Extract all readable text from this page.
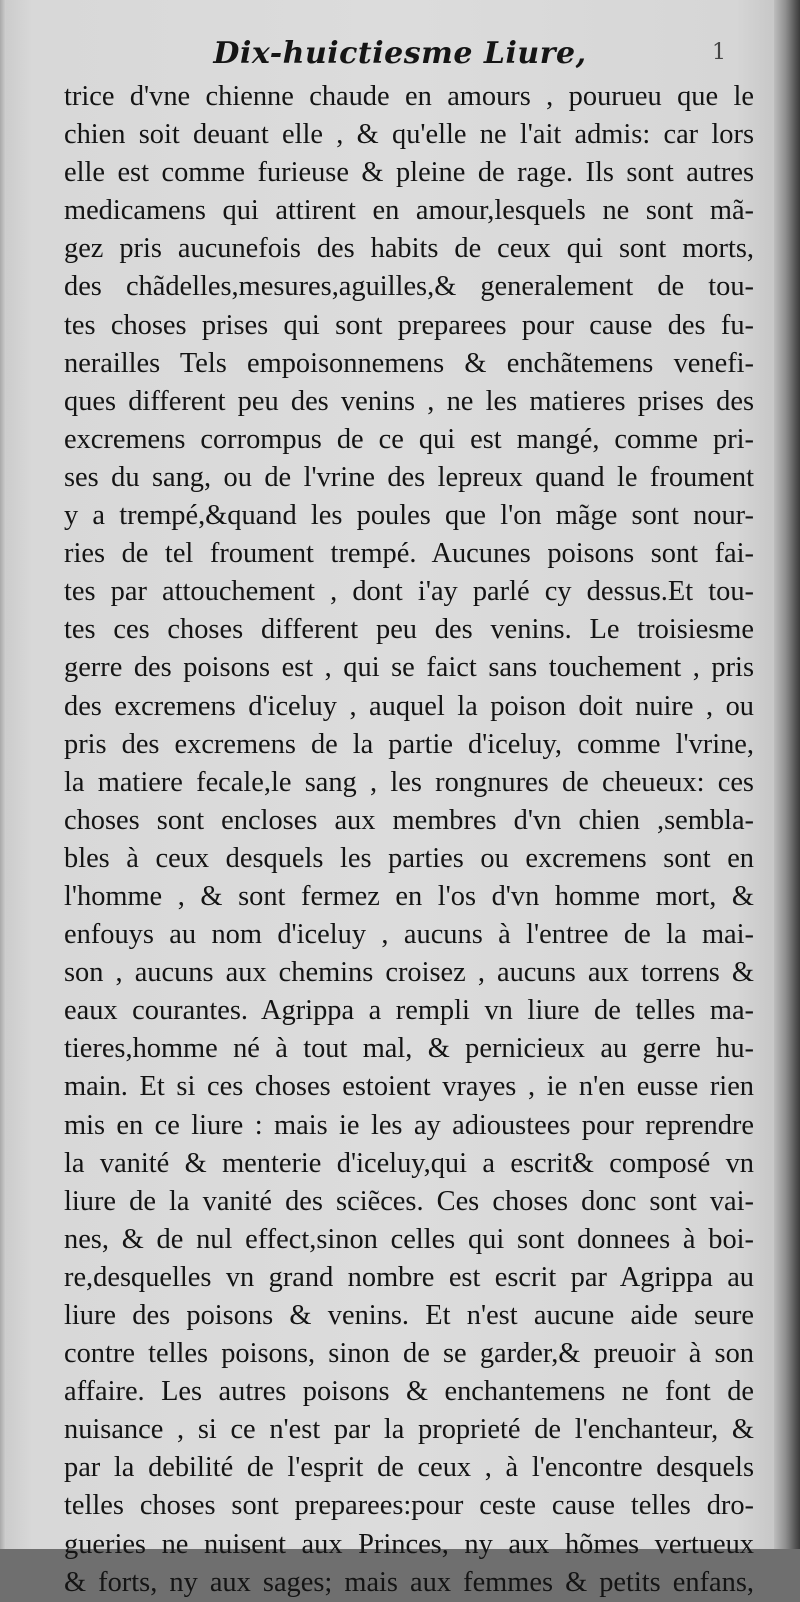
Dix-huictiesme Liure,	1
trice d'vne chienne chaude en amours , pourueu que le
chien soit deuant elle , & qu'elle ne l'ait admis: car lors
elle est comme furieuse & pleine de rage. Ils sont autres
medicamens qui attirent en amour,lesquels ne sont mã-
gez pris aucunefois des habits de ceux qui sont morts,
des chãdelles,mesures,aguilles,& generalement de tou-
tes choses prises qui sont preparees pour cause des fu-
nerailles Tels empoisonnemens & enchãtemens venefi-
ques different peu des venins , ne les matieres prises des
excremens corrompus de ce qui est mangé, comme pri-
ses du sang, ou de l'vrine des lepreux quand le froument
y a trempé,&quand les poules que l'on mãge sont nour-
ries de tel froument trempé. Aucunes poisons sont fai-
tes par attouchement , dont i'ay parlé cy dessus.Et tou-
tes ces choses different peu des venins. Le troisiesme
gerre des poisons est , qui se faict sans touchement , pris
des excremens d'iceluy , auquel la poison doit nuire , ou
pris des excremens de la partie d'iceluy, comme l'vrine,
la matiere fecale,le sang , les rongnures de cheueux: ces
choses sont encloses aux membres d'vn chien ,sembla-
bles à ceux desquels les parties ou excremens sont en
l'homme , & sont fermez en l'os d'vn homme mort, &
enfouys au nom d'iceluy , aucuns à l'entree de la mai-
son , aucuns aux chemins croisez , aucuns aux torrens &
eaux courantes. Agrippa a rempli vn liure de telles ma-
tieres,homme né à tout mal, & pernicieux au gerre hu-
main. Et si ces choses estoient vrayes , ie n'en eusse rien
mis en ce liure : mais ie les ay adioustees pour reprendre
la vanité & menterie d'iceluy,qui a escrit& composé vn
liure de la vanité des sciẽces. Ces choses donc sont vai-
nes, & de nul effect,sinon celles qui sont donnees à boi-
re,desquelles vn grand nombre est escrit par Agrippa au
liure des poisons & venins. Et n'est aucune aide seure
contre telles poisons, sinon de se garder,& preuoir à son
affaire. Les autres poisons & enchantemens ne font de
nuisance , si ce n'est par la proprieté de l'enchanteur, &
par la debilité de l'esprit de ceux , à l'encontre desquels
telles choses sont preparees:pour ceste cause telles dro-
gueries ne nuisent aux Princes, ny aux hõmes vertueux
& forts, ny aux sages; mais aux femmes & petits enfans,
